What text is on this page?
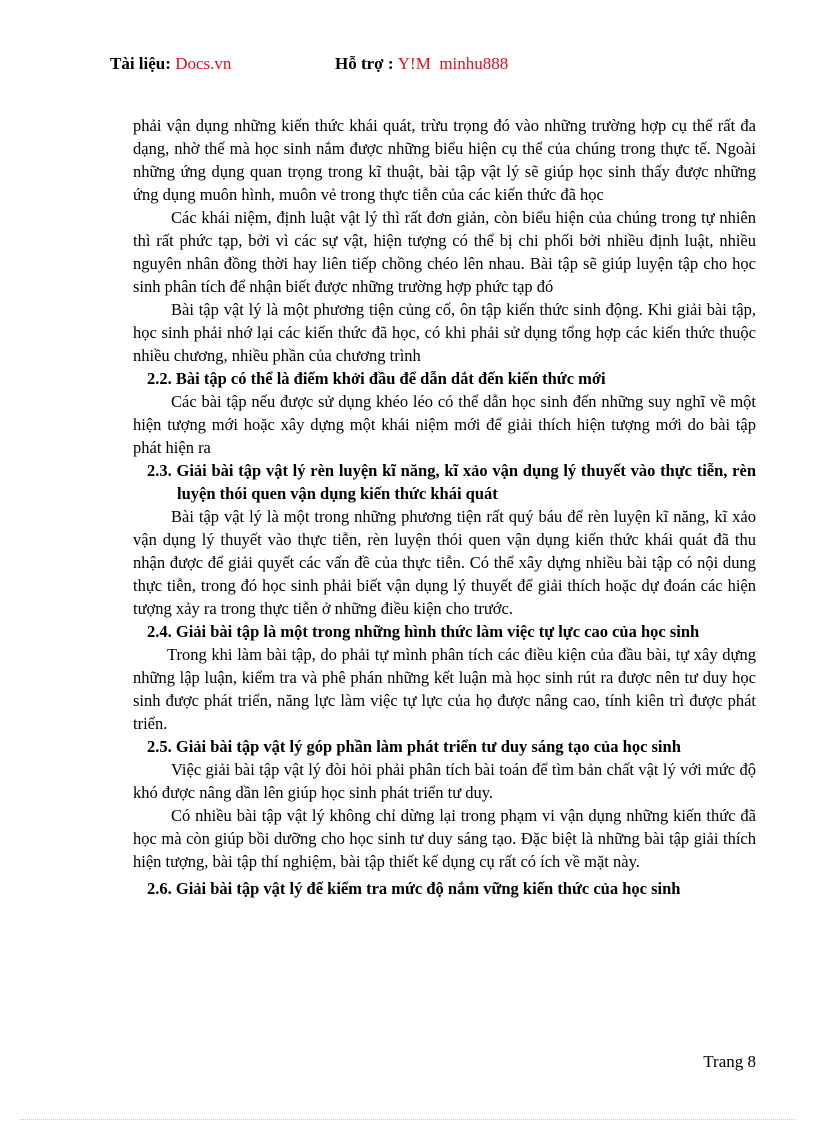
Tài liệu: Docs.vn	Hỗ trợ : Y!M  minhu888

phải vận dụng những kiến thức khái quát, trừu trọng đó vào những trường hợp cụ thể rất đa dạng, nhờ thế mà học sinh nắm được những biểu hiện cụ thể của chúng trong thực tế. Ngoài những ứng dụng quan trọng trong kĩ thuật, bài tập vật lý sẽ giúp học sinh thấy được những ứng dụng muôn hình, muôn vẻ trong thực tiễn của các kiến thức đã học

Các khái niệm, định luật vật lý thì rất đơn giản, còn biểu hiện của chúng trong tự nhiên thì rất phức tạp, bởi vì các sự vật, hiện tượng có thể bị chi phối bởi nhiều định luật, nhiều nguyên nhân đồng thời hay liên tiếp chồng chéo lên nhau. Bài tập sẽ giúp luyện tập cho học sinh phân tích để nhận biết được những trường hợp phức tạp đó

Bài tập vật lý là một phương tiện củng cố, ôn tập kiến thức sinh động. Khi giải bài tập, học sinh phải nhớ lại các kiến thức đã học, có khi phải sử dụng tổng hợp các kiến thức thuộc nhiều chương, nhiều phần của chương trình

2.2. Bài tập có thể là điểm khởi đầu để dẫn dắt đến kiến thức mới

Các bài tập nếu được sử dụng khéo léo có thể dẫn học sinh đến những suy nghĩ về một hiện tượng mới hoặc xây dựng một khái niệm mới để giải thích hiện tượng mới do bài tập phát hiện ra

2.3. Giải bài tập vật lý rèn luyện kĩ năng, kĩ xảo vận dụng lý thuyết vào thực tiễn, rèn luyện thói quen vận dụng kiến thức khái quát

Bài tập vật lý là một trong những phương tiện rất quý báu để rèn luyện kĩ năng, kĩ xảo vận dụng lý thuyết vào thực tiễn, rèn luyện thói quen vận dụng kiến thức khái quát đã thu nhận được để giải quyết các vấn đề của thực tiễn. Có thể xây dựng nhiều bài tập có nội dung thực tiễn, trong đó học sinh phải biết vận dụng lý thuyết để giải thích hoặc dự đoán các hiện tượng xảy ra trong thực tiễn ở những điều kiện cho trước.

2.4. Giải bài tập là một trong những hình thức làm việc tự lực cao của học sinh

Trong khi làm bài tập, do phải tự mình phân tích các điều kiện của đầu bài, tự xây dựng những lập luận, kiểm tra và phê phán những kết luận mà học sinh rút ra được nên tư duy học sinh được phát triển, năng lực làm việc tự lực của họ được nâng cao, tính kiên trì được phát triển.

2.5. Giải bài tập vật lý góp phần làm phát triển tư duy sáng tạo của học sinh

Việc giải bài tập vật lý đòi hỏi phải phân tích bài toán để tìm bản chất vật lý với mức độ khó được nâng dần lên giúp học sinh phát triển tư duy.

Có nhiều bài tập vật lý không chỉ dừng lại trong phạm vi vận dụng những kiến thức đã học mà còn giúp bồi dưỡng cho học sinh tư duy sáng tạo. Đặc biệt là những bài tập giải thích hiện tượng, bài tập thí nghiệm, bài tập thiết kế dụng cụ rất có ích về mặt này.

2.6. Giải bài tập vật lý để kiểm tra mức độ nắm vững kiến thức của học sinh
Trang 8
